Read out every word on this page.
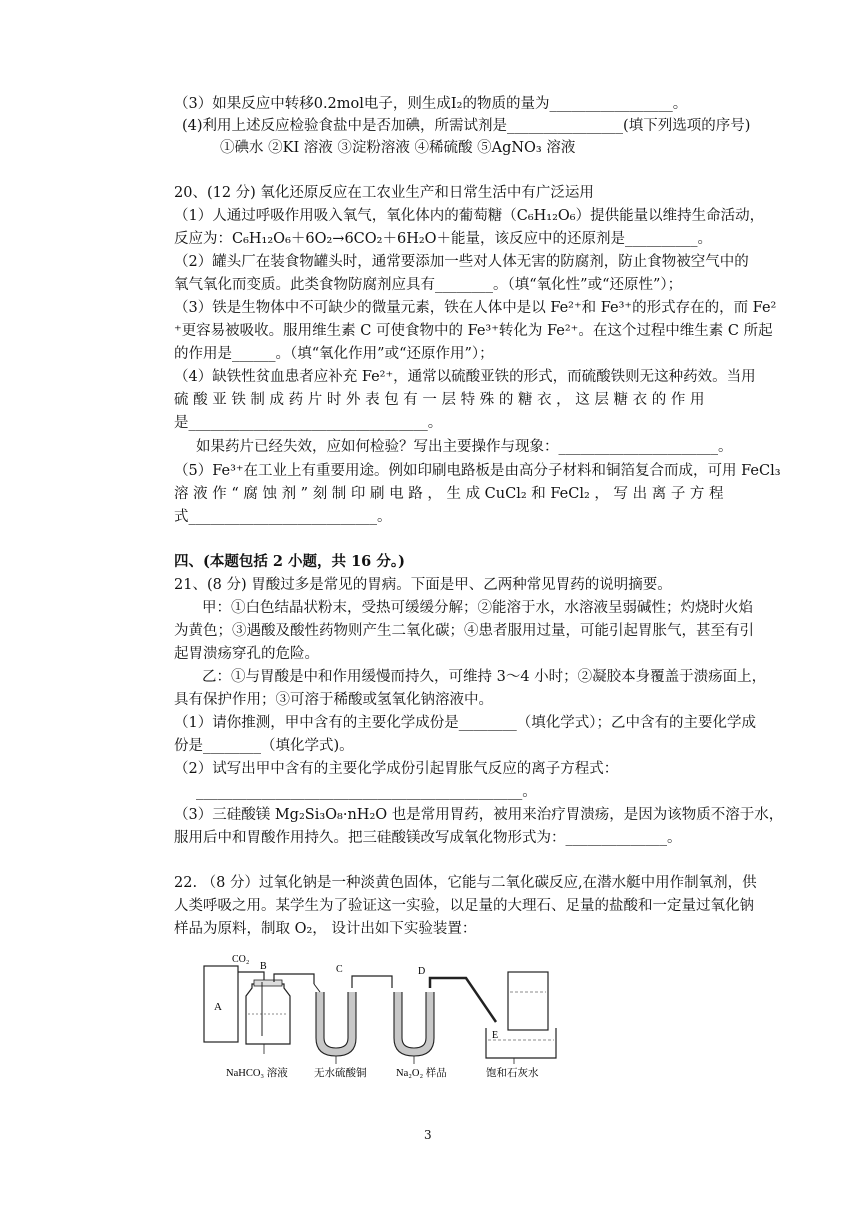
（3）如果反应中转移0.2mol电子，则生成I₂的物质的量为_________________。
(4)利用上述反应检验食盐中是否加碘，所需试剂是________________(填下列选项的序号)
①碘水 ②KI 溶液 ③淀粉溶液 ④稀硫酸 ⑤AgNO₃ 溶液
20、(12 分) 氧化还原反应在工农业生产和日常生活中有广泛运用
（1）人通过呼吸作用吸入氧气，氧化体内的葡萄糖（C₆H₁₂O₆）提供能量以维持生命活动，
反应为：C₆H₁₂O₆＋6O₂→6CO₂＋6H₂O＋能量，该反应中的还原剂是__________。
（2）罐头厂在装食物罐头时，通常要添加一些对人体无害的防腐剂，防止食物被空气中的
氧气氧化而变质。此类食物防腐剂应具有________。（填“氧化性”或“还原性”）；
（3）铁是生物体中不可缺少的微量元素，铁在人体中是以 Fe²⁺和 Fe³⁺的形式存在的，而 Fe²
⁺更容易被吸收。服用维生素 C 可使食物中的 Fe³⁺转化为 Fe²⁺。在这个过程中维生素 C 所起
的作用是______。（填“氧化作用”或“还原作用”）；
（4）缺铁性贫血患者应补充 Fe²⁺，通常以硫酸亚铁的形式，而硫酸铁则无这种药效。当用
硫 酸 亚 铁 制 成 药 片 时 外 表 包 有 一 层 特 殊 的 糖 衣 ， 这 层 糖 衣 的 作 用
是_________________________________。
如果药片已经失效，应如何检验？写出主要操作与现象：______________________。
（5）Fe³⁺在工业上有重要用途。例如印刷电路板是由高分子材料和铜箔复合而成，可用 FeCl₃
溶 液 作 “ 腐 蚀 剂 ” 刻 制 印 刷 电 路 ， 生 成 CuCl₂ 和 FeCl₂ ， 写 出 离 子 方 程
式__________________________。
四、(本题包括 2 小题，共 16 分。)
21、(8 分) 胃酸过多是常见的胃病。下面是甲、乙两种常见胃药的说明摘要。
甲：①白色结晶状粉末，受热可缓缓分解；②能溶于水，水溶液呈弱碱性；灼烧时火焰
为黄色；③遇酸及酸性药物则产生二氧化碳；④患者服用过量，可能引起胃胀气，甚至有引
起胃溃疡穿孔的危险。
乙：①与胃酸是中和作用缓慢而持久，可维持 3～4 小时；②凝胶本身覆盖于溃疡面上，
具有保护作用；③可溶于稀酸或氢氧化钠溶液中。
（1）请你推测，甲中含有的主要化学成份是________（填化学式）；乙中含有的主要化学成
份是________（填化学式)。
（2）试写出甲中含有的主要化学成份引起胃胀气反应的离子方程式：
_____________________________________________。
（3）三硅酸镁 Mg₂Si₃O₈·nH₂O 也是常用胃药，被用来治疗胃溃疡，是因为该物质不溶于水，
服用后中和胃酸作用持久。把三硅酸镁改写成氧化物形式为：______________。
22. （8 分）过氧化钠是一种淡黄色固体，它能与二氧化碳反应,在潜水艇中用作制氧剂，供
人类呼吸之用。某学生为了验证这一实验，以足量的大理石、足量的盐酸和一定量过氧化钠
样品为原料，制取 O₂， 设计出如下实验装置：
A
CO₂
B	C	D
E
NaHCO₃ 溶液	无水硫酸铜	Na₂O₂ 样品	饱和石灰水
3
